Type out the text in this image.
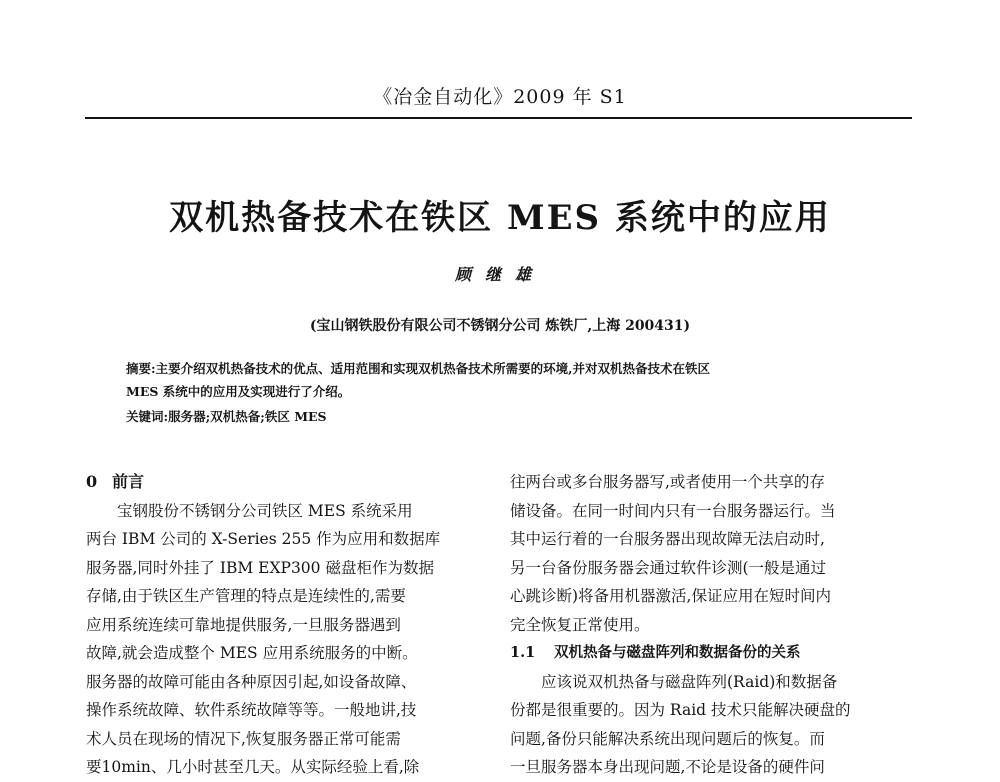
《冶金自动化》2009 年 S1
双机热备技术在铁区 MES 系统中的应用
顾继雄
(宝山钢铁股份有限公司不锈钢分公司 炼铁厂,上海 200431)

摘要:主要介绍双机热备技术的优点、适用范围和实现双机热备技术所需要的环境,并对双机热备技术在铁区

MES 系统中的应用及实现进行了介绍。

关键词:服务器;双机热备;铁区 MES

0 前言

宝钢股份不锈钢分公司铁区 MES 系统采用

两台 IBM 公司的 X-Series 255 作为应用和数据库

服务器,同时外挂了 IBM EXP300 磁盘柜作为数据

存储,由于铁区生产管理的特点是连续性的,需要

应用系统连续可靠地提供服务,一旦服务器遇到

故障,就会造成整个 MES 应用系统服务的中断。

服务器的故障可能由各种原因引起,如设备故障、

操作系统故障、软件系统故障等等。一般地讲,技

术人员在现场的情况下,恢复服务器正常可能需

要10min、几小时甚至几天。从实际经验上看,除

往两台或多台服务器写,或者使用一个共享的存

储设备。在同一时间内只有一台服务器运行。当

其中运行着的一台服务器出现故障无法启动时,

另一台备份服务器会通过软件诊测(一般是通过

心跳诊断)将备用机器激活,保证应用在短时间内

完全恢复正常使用。

1.1 双机热备与磁盘阵列和数据备份的关系

应该说双机热备与磁盘阵列(Raid)和数据备

份都是很重要的。因为 Raid 技术只能解决硬盘的

问题,备份只能解决系统出现问题后的恢复。而

一旦服务器本身出现问题,不论是设备的硬件问
